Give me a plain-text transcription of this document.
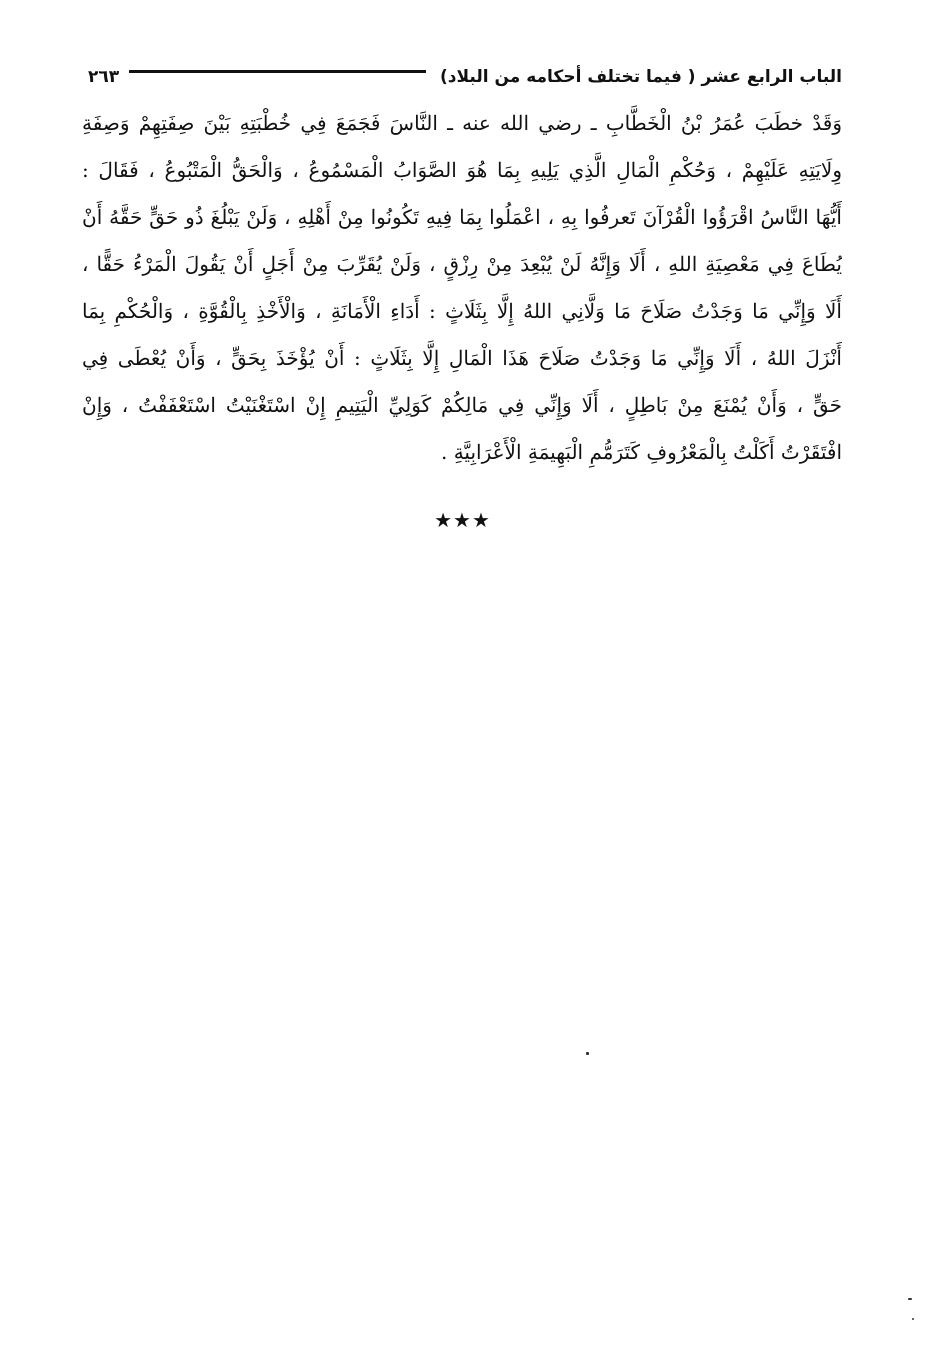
الباب الرابع عشر ( فيما تختلف أحكامه من البلاد)
٢٦٣
وَقَدْ خطَبَ عُمَرُ بْنُ الْخَطَّابِ ـ رضي الله عنه ـ النَّاسَ فَجَمَعَ فِي خُطْبَتِهِ بَيْنَ صِفَتِهِمْ وَصِفَةِ
وِلَايَتِهِ عَلَيْهِمْ ، وَحُكْمِ الْمَالِ الَّذِي يَلِيهِ بِمَا هُوَ الصَّوَابُ الْمَسْمُوعُ ، وَالْحَقُّ الْمَتْبُوعُ ، فَقَالَ :
أَيُّهَا النَّاسُ اقْرَؤُوا الْقُرْآنَ تَعرفُوا بِهِ ، اعْمَلُوا بِمَا فِيهِ تَكُونُوا مِنْ أَهْلِهِ ، وَلَنْ يَبْلُغَ ذُو حَقٍّ حَقَّهُ أَنْ
يُطَاعَ فِي مَعْصِيَةِ اللهِ ، أَلَا وَإِنَّهُ لَنْ يُبْعِدَ مِنْ رِزْقٍ ، وَلَنْ يُقَرِّبَ مِنْ أَجَلٍ أَنْ يَقُولَ الْمَرْءُ حَقًّا ،
أَلَا وَإِنِّي مَا وَجَدْتُ صَلَاحَ مَا وَلَّانِي اللهُ إِلَّا بِثَلَاثٍ : أَدَاءِ الْأَمَانَةِ ، وَالْأَخْذِ بِالْقُوَّةِ ، وَالْحُكْمِ بِمَا
أَنْزَلَ اللهُ ، أَلَا وَإِنِّي مَا وَجَدْتُ صَلَاحَ هَذَا الْمَالِ إِلَّا بِثَلَاثٍ : أَنْ يُؤْخَذَ بِحَقٍّ ، وَأَنْ يُعْطَى فِي
حَقٍّ ، وَأَنْ يُمْنَعَ مِنْ بَاطِلٍ ، أَلَا وَإِنِّي فِي مَالِكُمْ كَوَلِيِّ الْيَتِيمِ إِنْ اسْتَغْنَيْتُ اسْتَعْفَفْتُ ، وَإِنْ
افْتَقَرْتُ أَكَلْتُ بِالْمَعْرُوفِ كَتَرَمُّمِ الْبَهِيمَةِ الْأَعْرَابِيَّةِ .
★★★
